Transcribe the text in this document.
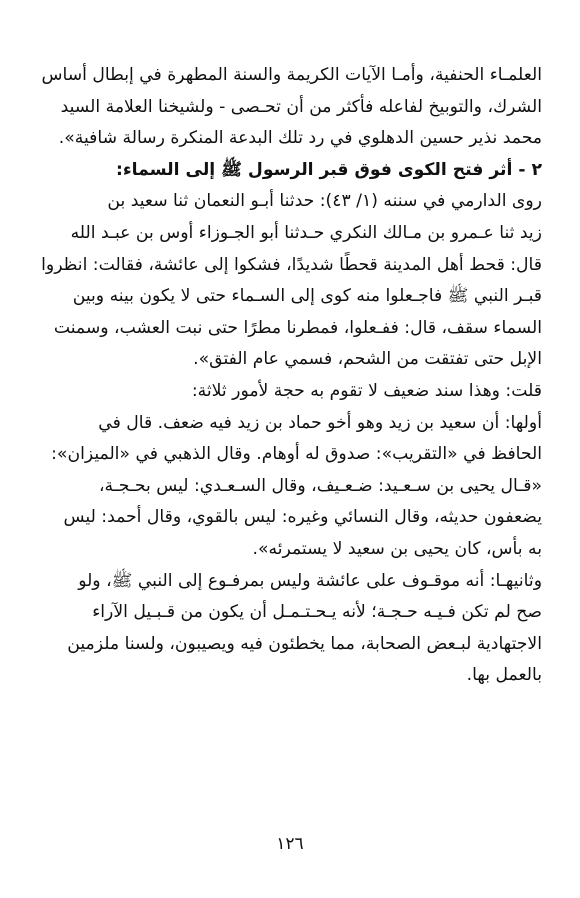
العلمـاء الحنفية، وأمـا الآيات الكريمة والسنة المطهرة في إبطال أساس
الشرك، والتوبيخ لفاعله فأكثر من أن تحـصى - ولشيخنا العلامة السيد
محمد نذير حسين الدهلوي في رد تلك البدعة المنكرة رسالة شافية».
٢ - أثر فتح الكوى فوق قبر الرسول ﷺ إلى السماء:
روى الدارمي في سننه (١/ ٤٣): حدثنا أبـو النعمان ثنا سعيد بن
زيد ثنا عـمرو بن مـالك النكري حـدثنا أبو الجـوزاء أوس بن عبـد الله
قال: قحط أهل المدينة قحطًا شديدًا، فشكوا إلى عائشة، فقالت: انظروا
قبـر النبي ﷺ فاجـعلوا منه كوى إلى السـماء حتى لا يكون بينه وبين
السماء سقف، قال: ففـعلوا، فمطرنا مطرًا حتى نبت العشب، وسمنت
الإبل حتى تفتقت من الشحم، فسمي عام الفتق».
قلت: وهذا سند ضعيف لا تقوم به حجة لأمور ثلاثة:
أولها: أن سعيد بن زيد وهو أخو حماد بن زيد فيه ضعف. قال في
الحافظ في «التقريب»: صدوق له أوهام. وقال الذهبي في «الميزان»:
«قـال يحيى بن سـعـيد: ضـعـيف، وقال السـعـدي: ليس بحـجـة،
يضعفون حديثه، وقال النسائي وغيره: ليس بالقوي، وقال أحمد: ليس
به بأس، كان يحيى بن سعيد لا يستمرئه».
وثانيهـا: أنه موقـوف على عائشة وليس بمرفـوع إلى النبي ﷺ، ولو
صح لم تكن فـيـه حـجـة؛ لأنه يـحـتـمـل أن يكون من قـبـيل الآراء
الاجتهادية لبـعض الصحابة، مما يخطئون فيه ويصيبون، ولسنا ملزمين
بالعمل بها.
١٢٦
